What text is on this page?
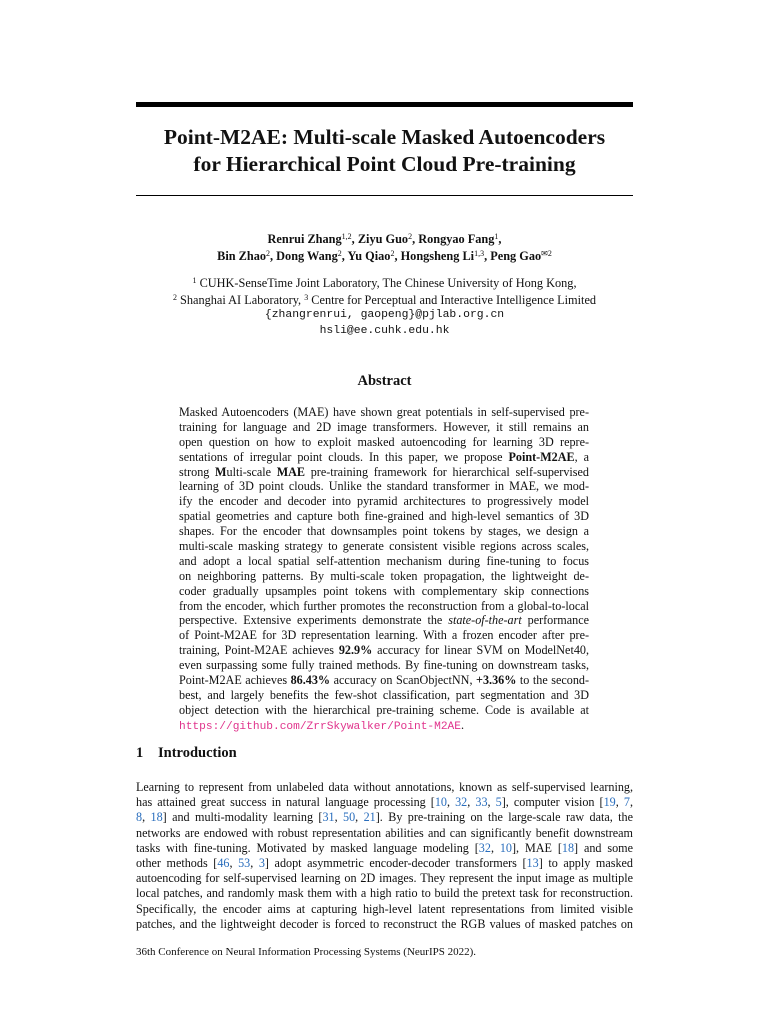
Point-M2AE: Multi-scale Masked Autoencoders
for Hierarchical Point Cloud Pre-training
Renrui Zhang$^{1,2}$, Ziyu Guo$^2$, Rongyao Fang$^1$,
Bin Zhao$^2$, Dong Wang$^2$, Yu Qiao$^2$, Hongsheng Li$^{1,3}$, Peng Gao$^{✉2}$
$^1$ CUHK-SenseTime Joint Laboratory, The Chinese University of Hong Kong,
$^2$ Shanghai AI Laboratory, $^3$ Centre for Perceptual and Interactive Intelligence Limited
{zhangrenrui, gaopeng}@pjlab.org.cn
hsli@ee.cuhk.edu.hk
Abstract
Masked Autoencoders (MAE) have shown great potentials in self-supervised pre-
training for language and 2D image transformers. However, it still remains an
open question on how to exploit masked autoencoding for learning 3D repre-
sentations of irregular point clouds. In this paper, we propose Point-M2AE, a
strong Multi-scale MAE pre-training framework for hierarchical self-supervised
learning of 3D point clouds. Unlike the standard transformer in MAE, we mod-
ify the encoder and decoder into pyramid architectures to progressively model
spatial geometries and capture both fine-grained and high-level semantics of 3D
shapes. For the encoder that downsamples point tokens by stages, we design a
multi-scale masking strategy to generate consistent visible regions across scales,
and adopt a local spatial self-attention mechanism during fine-tuning to focus
on neighboring patterns. By multi-scale token propagation, the lightweight de-
coder gradually upsamples point tokens with complementary skip connections
from the encoder, which further promotes the reconstruction from a global-to-local
perspective. Extensive experiments demonstrate the state-of-the-art performance
of Point-M2AE for 3D representation learning. With a frozen encoder after pre-
training, Point-M2AE achieves 92.9% accuracy for linear SVM on ModelNet40,
even surpassing some fully trained methods. By fine-tuning on downstream tasks,
Point-M2AE achieves 86.43% accuracy on ScanObjectNN, +3.36% to the second-
best, and largely benefits the few-shot classification, part segmentation and 3D
object detection with the hierarchical pre-training scheme. Code is available at
https://github.com/ZrrSkywalker/Point-M2AE.
1 Introduction
Learning to represent from unlabeled data without annotations, known as self-supervised learning,
has attained great success in natural language processing [10, 32, 33, 5], computer vision [19, 7,
8, 18] and multi-modality learning [31, 50, 21]. By pre-training on the large-scale raw data, the
networks are endowed with robust representation abilities and can significantly benefit downstream
tasks with fine-tuning. Motivated by masked language modeling [32, 10], MAE [18] and some
other methods [46, 53, 3] adopt asymmetric encoder-decoder transformers [13] to apply masked
autoencoding for self-supervised learning on 2D images. They represent the input image as multiple
local patches, and randomly mask them with a high ratio to build the pretext task for reconstruction.
Specifically, the encoder aims at capturing high-level latent representations from limited visible
patches, and the lightweight decoder is forced to reconstruct the RGB values of masked patches on
36th Conference on Neural Information Processing Systems (NeurIPS 2022).
